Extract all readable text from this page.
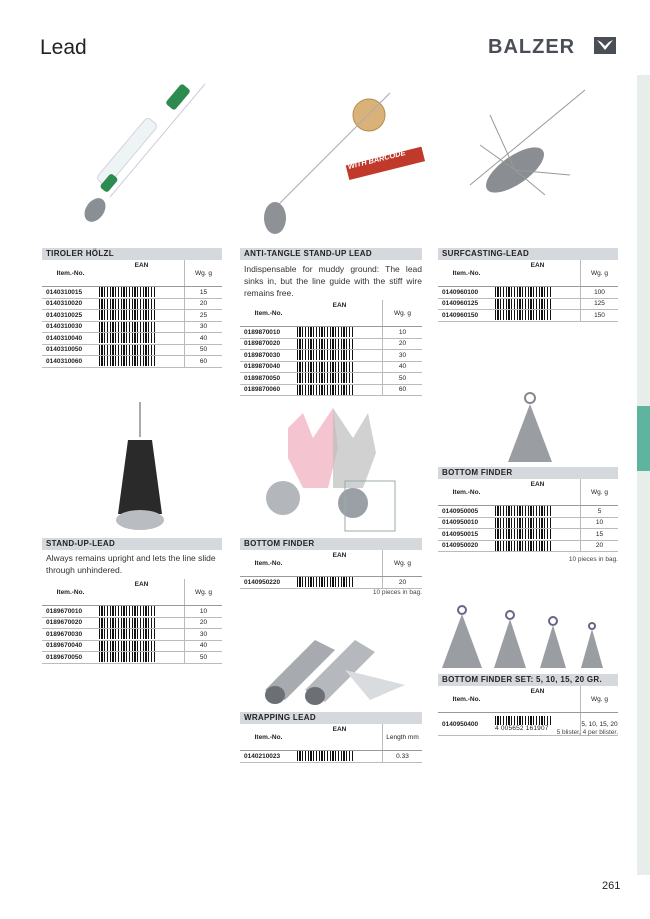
Lead	BALZER
WITH BARCODE
TIROLER HÖLZL
Item.-No.	EAN	Wg. g
0140310015		15
0140310020		20
0140310025		25
0140310030		30
0140310040		40
0140310050		50
0140310060		60
ANTI-TANGLE STAND-UP LEAD
Indispensable for muddy ground: The lead sinks in, but the line guide with the stiff wire remains free.
Item.-No.	EAN	Wg. g
0189870010		10
0189870020		20
0189870030		30
0189870040		40
0189870050		50
0189870060		60
SURFCASTING-LEAD
Item.-No.	EAN	Wg. g
0140960100		100
0140960125		125
0140960150		150
BOTTOM FINDER
Item.-No.	EAN	Wg. g
0140950005		5
0140950010		10
0140950015		15
0140950020		20
10 pieces in bag.
STAND-UP-LEAD
Always remains upright and lets the line slide through unhindered.
Item.-No.	EAN	Wg. g
0189670010		10
0189670020		20
0189670030		30
0189670040		40
0189670050		50
BOTTOM FINDER
Item.-No.	EAN	Wg. g
0140950220		20
10 pieces in bag.
BOTTOM FINDER SET: 5, 10, 15, 20 GR.
Item.-No.	EAN	Wg. g
0140950400	4 005652 161907	5, 10, 15, 20
5 blister, 4 per blister.
WRAPPING LEAD
Item.-No.	EAN	Length mm
0140210023		0.33
261
